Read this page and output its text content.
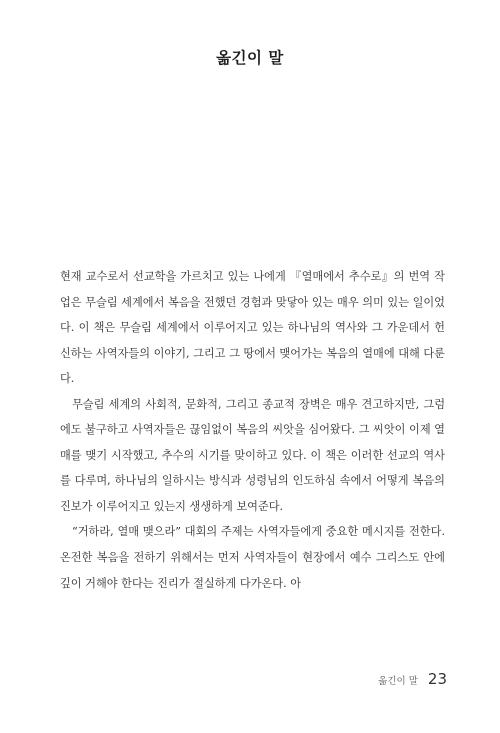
옮긴이 말

현재 교수로서 선교학을 가르치고 있는 나에게 『열매에서 추수로』의 번역 작업은 무슬림 세계에서 복음을 전했던 경험과 맞닿아 있는 매우 의미 있는 일이었다. 이 책은 무슬림 세계에서 이루어지고 있는 하나님의 역사와 그 가운데서 헌신하는 사역자들의 이야기, 그리고 그 땅에서 맺어가는 복음의 열매에 대해 다룬다.

무슬림 세계의 사회적, 문화적, 그리고 종교적 장벽은 매우 견고하지만, 그럼에도 불구하고 사역자들은 끊임없이 복음의 씨앗을 심어왔다. 그 씨앗이 이제 열매를 맺기 시작했고, 추수의 시기를 맞이하고 있다. 이 책은 이러한 선교의 역사를 다루며, 하나님의 일하시는 방식과 성령님의 인도하심 속에서 어떻게 복음의 진보가 이루어지고 있는지 생생하게 보여준다.

“거하라, 열매 맺으라” 대회의 주제는 사역자들에게 중요한 메시지를 전한다. 온전한 복음을 전하기 위해서는 먼저 사역자들이 현장에서 예수 그리스도 안에 깊이 거해야 한다는 진리가 절실하게 다가온다. 아

옮긴이 말 23
